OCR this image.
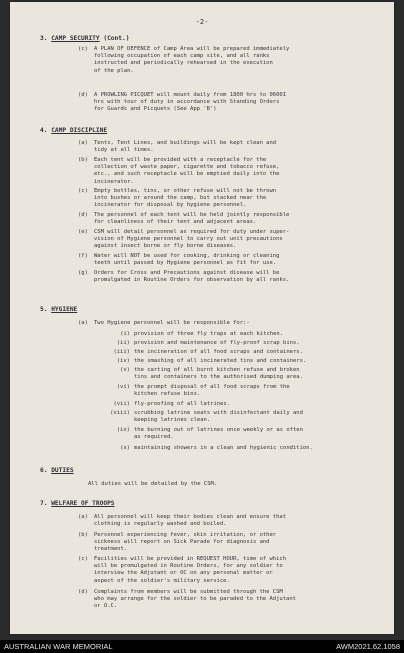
-2-
3. CAMP SECURITY (Cont.)
4. CAMP DISCIPLINE
5. HYGIENE
6. DUTIES
7. WELFARE OF TROOPS
(c)	A PLAN OF DEFENCE of Camp Area will be prepared immediately
following occupation of each camp site, and all ranks
instructed and periodically rehearsed in the execution
of the plan.
(d)	A PROWLING PICQUET will mount daily from 1800 hrs to 0600I
hrs with tour of duty in accordance with Standing Orders
for Guards and Picquets (See App 'B')
(a)	Tents, Tent Lines, and buildings will be kept clean and
tidy at all times.
(b)	Each tent will be provided with a receptacle for the
collection of waste paper, cigarette and tobacco refuse,
etc., and such receptacle will be emptied daily into the
incinerator.
(c)	Empty bottles, tins, or other refuse will not be thrown
into bushes or around the camp, but stacked near the
incinerator for disposal by hygiene personnel.
(d)	The personnel of each tent will be held jointly responsible
for cleanliness of their tent and adjacent areas.
(e)	CSM will detail personnel as required for duty under super-
vision of Hygiene personnel to carry out unit precautions
against insect borne or fly borne diseases.
(f)	Water will NOT be used for cooking, drinking or cleaning
teeth until passed by Hygiene personnel as fit for use.
(g)	Orders for Cross and Precautions against disease will be
promulgated in Routine Orders for observation by all ranks.
(a)	Two Hygiene personnel will be responsible for:-
(i) provision of three fly traps at each kitchen.
(ii) provision and maintenance of fly-proof scrap bins.
(iii) the incineration of all food scraps and containers.
(iv) the smashing of all incinerated tins and containers.
(v) the carting of all burnt kitchen refuse and broken
tins and containers to the authorised dumping area.
(vi) the prompt disposal of all food scraps from the
kitchen refuse bins.
(vii) fly-proofing of all latrines.
(viii) scrubbing latrine seats with disinfectant daily and
keeping latrines clean.
(ix) the burning out of latrines once weekly or as often
as required.
(x) maintaining showers in a clean and hygienic condition.
All duties will be detailed by the CSM.
(a)	All personnel will keep their bodies clean and ensure that
clothing is regularly washed and boiled.
(b)	Personnel experiencing fever, skin irritation, or other
sickness will report on Sick Parade for diagnosis and
treatment.
(c)	Facilities will be provided in REQUEST HOUR, time of which
will be promulgated in Routine Orders, for any soldier to
interview the Adjutant or OC on any personal matter or
aspect of the soldier's military service.
(d)	Complaints from members will be submitted through the CSM
who may arrange for the soldier to be paraded to the Adjutant
or O.C.
AUSTRALIAN WAR MEMORIAL	AWM2021.62.1058
